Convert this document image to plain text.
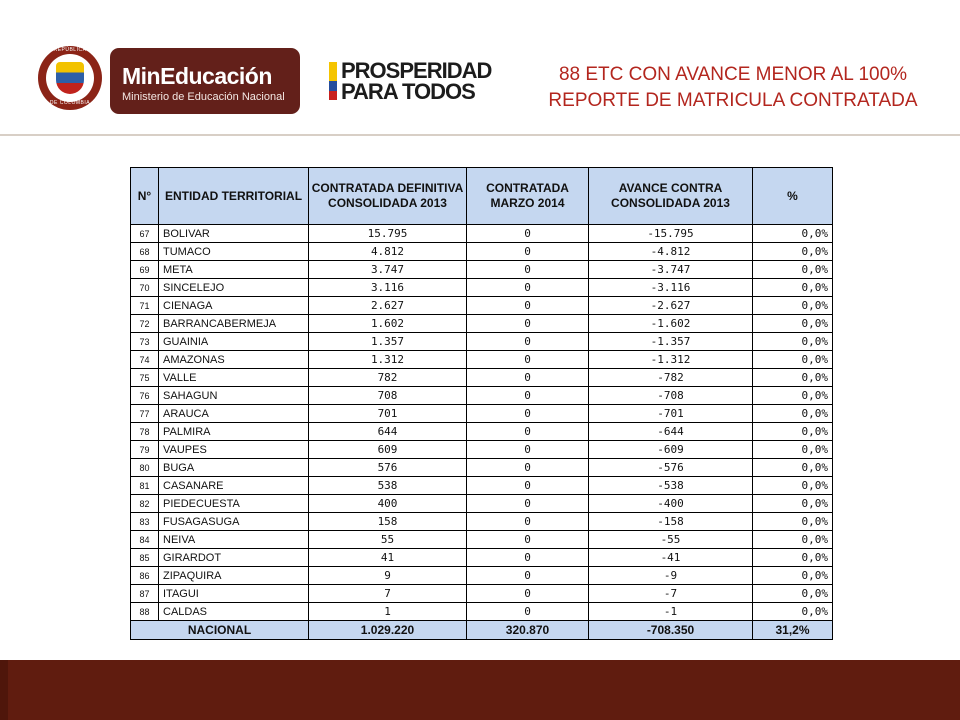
REPÚBLICA
DE COLOMBIA
MinEducación
Ministerio de Educación Nacional
PROSPERIDAD
PARA TODOS
88 ETC CON AVANCE MENOR AL 100%
REPORTE DE MATRICULA CONTRATADA
N°	ENTIDAD TERRITORIAL	CONTRATADA DEFINITIVA CONSOLIDADA 2013	CONTRATADA MARZO 2014	AVANCE CONTRA CONSOLIDADA 2013	%
67	BOLIVAR	15.795	0	-15.795	0,0%
68	TUMACO	4.812	0	-4.812	0,0%
69	META	3.747	0	-3.747	0,0%
70	SINCELEJO	3.116	0	-3.116	0,0%
71	CIENAGA	2.627	0	-2.627	0,0%
72	BARRANCABERMEJA	1.602	0	-1.602	0,0%
73	GUAINIA	1.357	0	-1.357	0,0%
74	AMAZONAS	1.312	0	-1.312	0,0%
75	VALLE	782	0	-782	0,0%
76	SAHAGUN	708	0	-708	0,0%
77	ARAUCA	701	0	-701	0,0%
78	PALMIRA	644	0	-644	0,0%
79	VAUPES	609	0	-609	0,0%
80	BUGA	576	0	-576	0,0%
81	CASANARE	538	0	-538	0,0%
82	PIEDECUESTA	400	0	-400	0,0%
83	FUSAGASUGA	158	0	-158	0,0%
84	NEIVA	55	0	-55	0,0%
85	GIRARDOT	41	0	-41	0,0%
86	ZIPAQUIRA	9	0	-9	0,0%
87	ITAGUI	7	0	-7	0,0%
88	CALDAS	1	0	-1	0,0%
NACIONAL		1.029.220	320.870	-708.350	31,2%
